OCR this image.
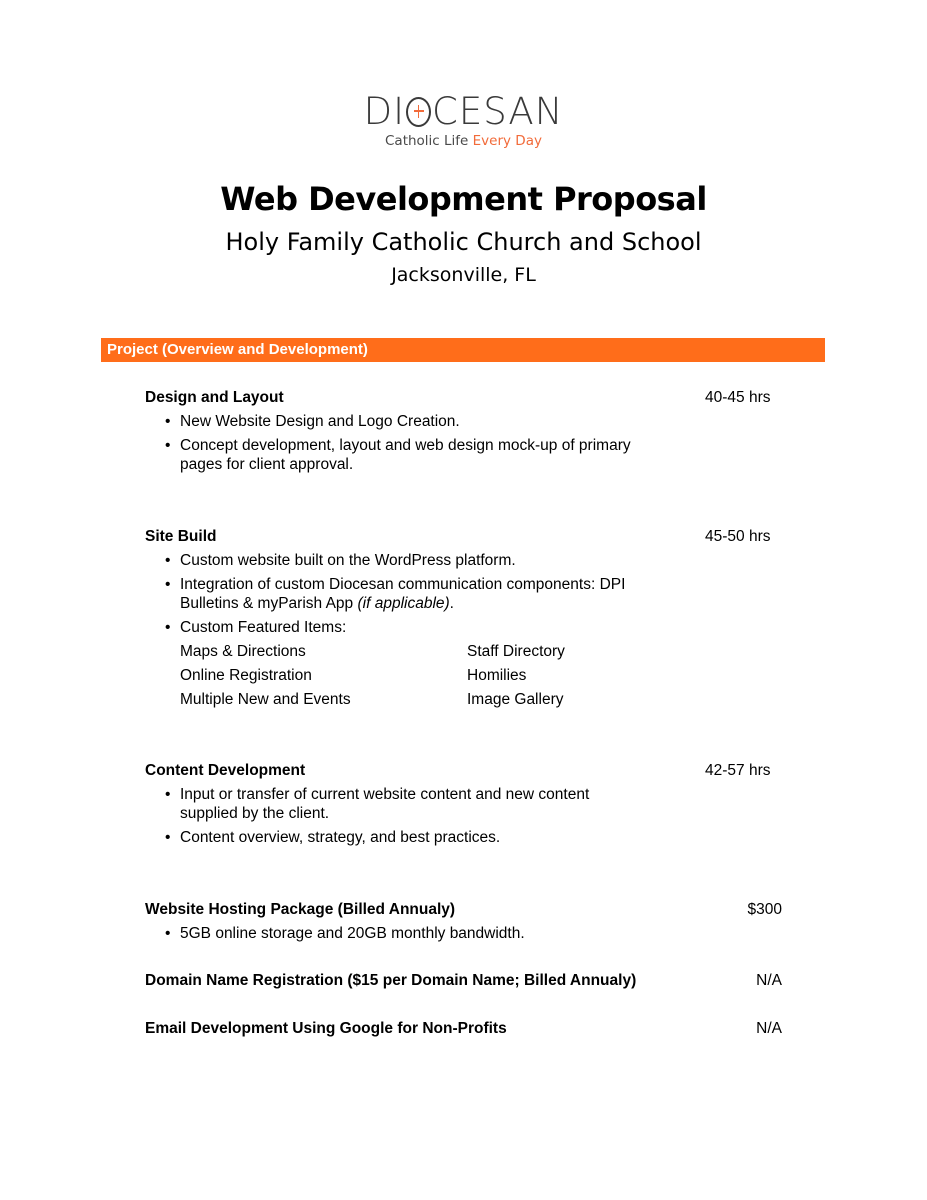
DI CESAN
Catholic Life Every Day
Web Development Proposal
Holy Family Catholic Church and School
Jacksonville, FL
Project (Overview and Development)
Design and Layout	40-45 hrs
• New Website Design and Logo Creation.
• Concept development, layout and web design mock-up of primary pages for client approval.
Site Build	45-50 hrs
• Custom website built on the WordPress platform.
• Integration of custom Diocesan communication components: DPI Bulletins & myParish App (if applicable).
• Custom Featured Items:
Maps & Directions	Staff Directory
Online Registration	Homilies
Multiple New and Events	Image Gallery
Content Development	42-57 hrs
• Input or transfer of current website content and new content supplied by the client.
• Content overview, strategy, and best practices.
Website Hosting Package (Billed Annualy)	$300
• 5GB online storage and 20GB monthly bandwidth.
Domain Name Registration ($15 per Domain Name; Billed Annualy)	N/A
Email Development Using Google for Non-Profits	N/A
